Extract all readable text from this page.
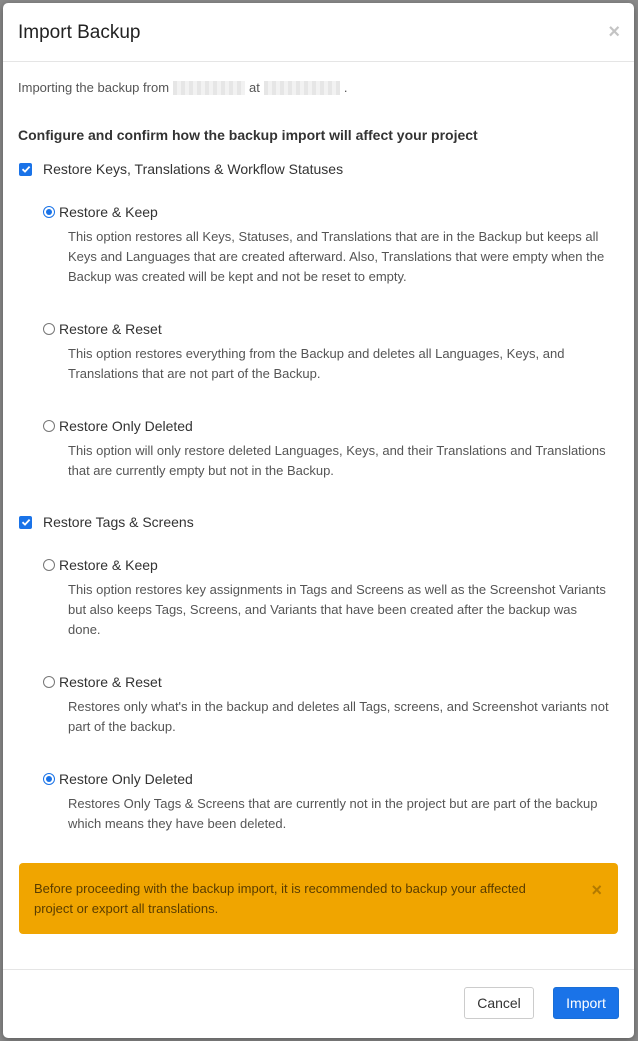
Import Backup	×
Importing the backup from	at	.
Configure and confirm how the backup import will affect your project
Restore Keys, Translations & Workflow Statuses
Restore & Keep
This option restores all Keys, Statuses, and Translations that are in the Backup but keeps all Keys and Languages that are created afterward. Also, Translations that were empty when the Backup was created will be kept and not be reset to empty.
Restore & Reset
This option restores everything from the Backup and deletes all Languages, Keys, and Translations that are not part of the Backup.
Restore Only Deleted
This option will only restore deleted Languages, Keys, and their Translations and Translations that are currently empty but not in the Backup.
Restore Tags & Screens
Restore & Keep
This option restores key assignments in Tags and Screens as well as the Screenshot Variants but also keeps Tags, Screens, and Variants that have been created after the backup was done.
Restore & Reset
Restores only what's in the backup and deletes all Tags, screens, and Screenshot variants not part of the backup.
Restore Only Deleted
Restores Only Tags & Screens that are currently not in the project but are part of the backup which means they have been deleted.
Before proceeding with the backup import, it is recommended to backup your affected project or export all translations.
×
Cancel	Import
